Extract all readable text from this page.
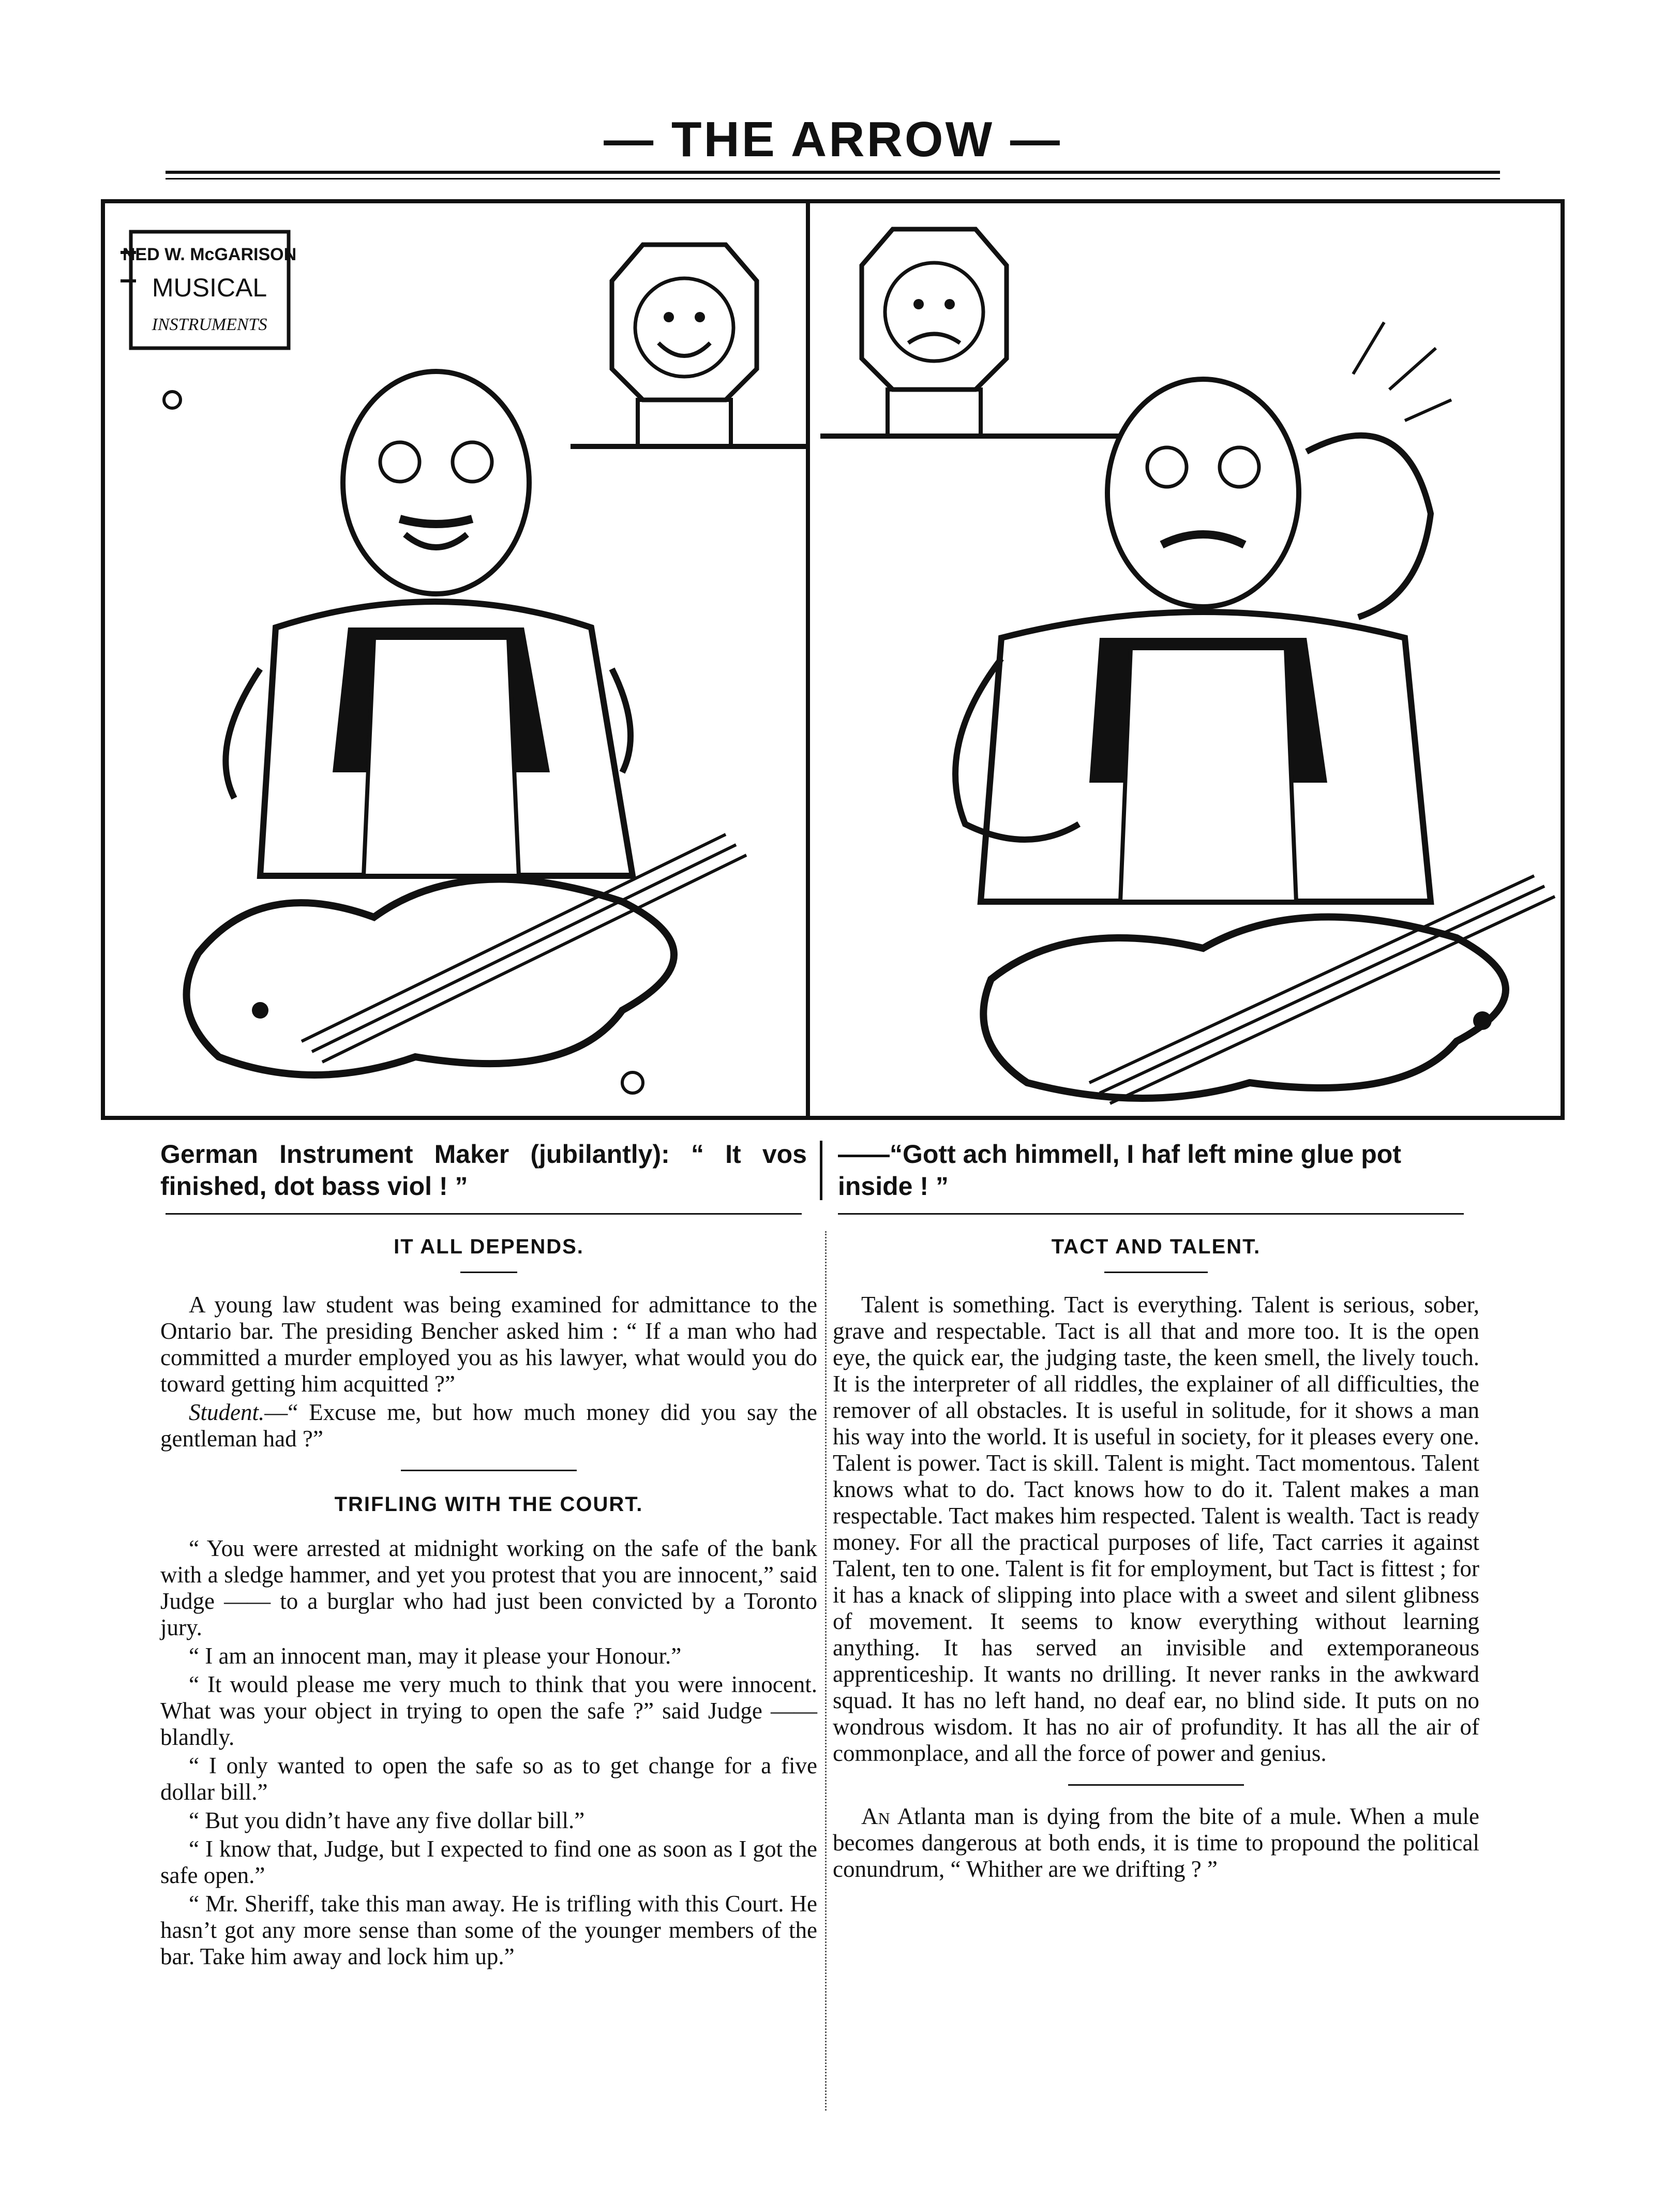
— THE ARROW —
NED W. McGARISON
MUSICAL
INSTRUMENTS
German Instrument Maker (jubilantly): “ It vos finished, dot bass viol ! ”
——“Gott ach himmell, I haf left mine glue pot inside ! ”
IT ALL DEPENDS.

A young law student was being examined for admittance to the Ontario bar. The presiding Bencher asked him : “ If a man who had committed a murder employed you as his lawyer, what would you do toward getting him acquitted ?”

Student.—“ Excuse me, but how much money did you say the gentleman had ?”

TRIFLING WITH THE COURT.

“ You were arrested at midnight working on the safe of the bank with a sledge hammer, and yet you protest that you are innocent,” said Judge —— to a burglar who had just been convicted by a Toronto jury.

“ I am an innocent man, may it please your Honour.”

“ It would please me very much to think that you were innocent. What was your object in trying to open the safe ?” said Judge —— blandly.

“ I only wanted to open the safe so as to get change for a five dollar bill.”

“ But you didn’t have any five dollar bill.”

“ I know that, Judge, but I expected to find one as soon as I got the safe open.”

“ Mr. Sheriff, take this man away. He is trifling with this Court. He hasn’t got any more sense than some of the younger members of the bar. Take him away and lock him up.”

TACT AND TALENT.

Talent is something. Tact is everything. Talent is serious, sober, grave and respectable. Tact is all that and more too. It is the open eye, the quick ear, the judging taste, the keen smell, the lively touch. It is the interpreter of all riddles, the explainer of all difficulties, the remover of all obstacles. It is useful in solitude, for it shows a man his way into the world. It is useful in society, for it pleases every one. Talent is power. Tact is skill. Talent is might. Tact momentous. Talent knows what to do. Tact knows how to do it. Talent makes a man respectable. Tact makes him respected. Talent is wealth. Tact is ready money. For all the practical purposes of life, Tact carries it against Talent, ten to one. Talent is fit for employment, but Tact is fittest ; for it has a knack of slipping into place with a sweet and silent glibness of movement. It seems to know everything without learning anything. It has served an invisible and extemporaneous apprenticeship. It wants no drilling. It never ranks in the awkward squad. It has no left hand, no deaf ear, no blind side. It puts on no wondrous wisdom. It has no air of profundity. It has all the air of commonplace, and all the force of power and genius.

An Atlanta man is dying from the bite of a mule. When a mule becomes dangerous at both ends, it is time to propound the political conundrum, “ Whither are we drifting ? ”
